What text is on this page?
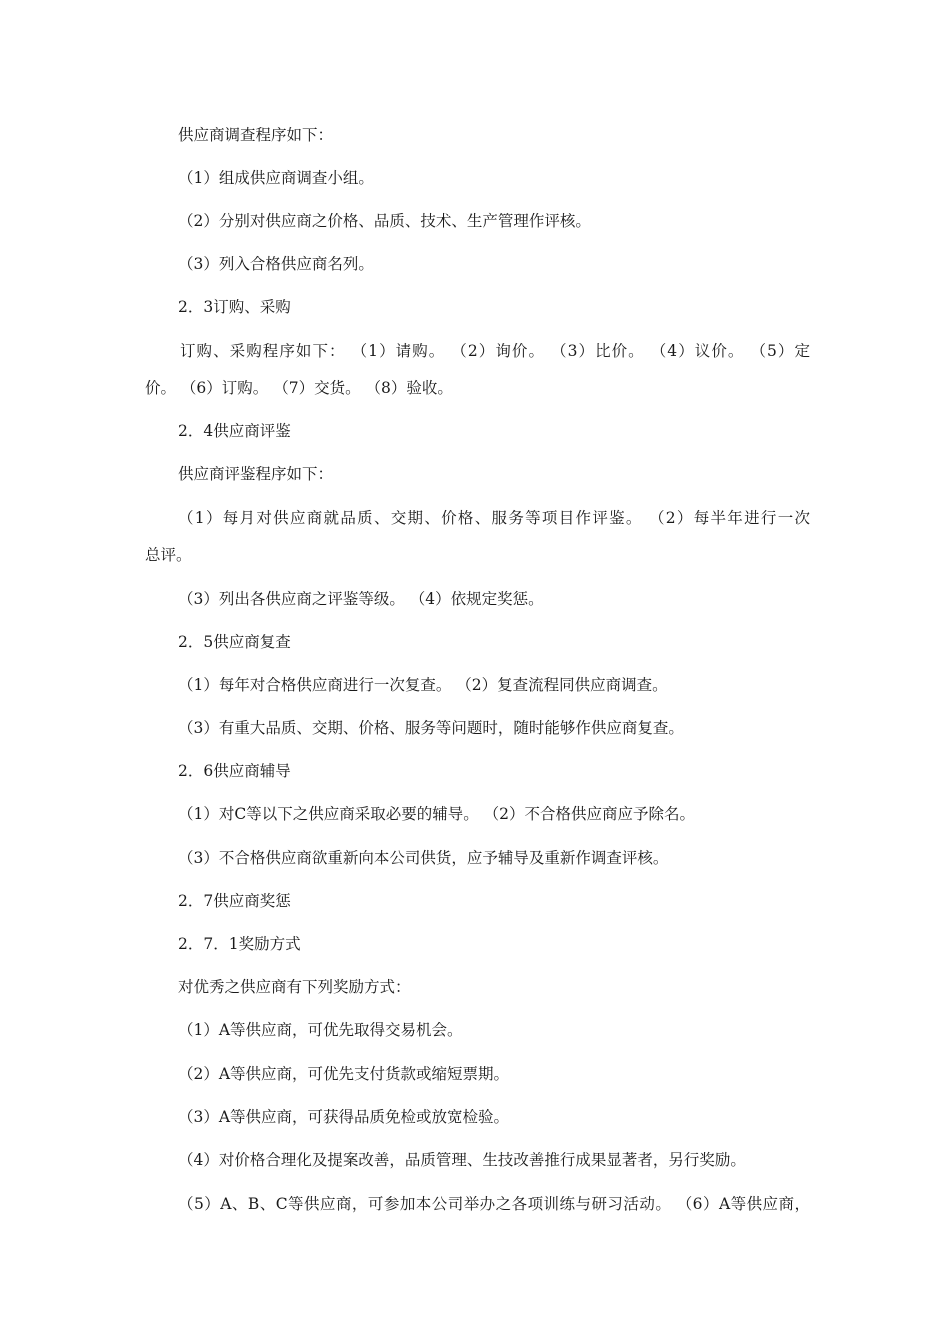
供应商调查程序如下：
（1）组成供应商调查小组。
（2）分别对供应商之价格、品质、技术、生产管理作评核。
（3）列入合格供应商名列。
2．3订购、采购
订购、采购程序如下： （1）请购。 （2）询价。 （3）比价。 （4）议价。 （5）定
价。 （6）订购。 （7）交货。 （8）验收。
2．4供应商评鉴
供应商评鉴程序如下：
（1）每月对供应商就品质、交期、价格、服务等项目作评鉴。 （2）每半年进行一次
总评。
（3）列出各供应商之评鉴等级。 （4）依规定奖惩。
2．5供应商复查
（1）每年对合格供应商进行一次复查。 （2）复查流程同供应商调查。
（3）有重大品质、交期、价格、服务等问题时，随时能够作供应商复查。
2．6供应商辅导
（1）对C等以下之供应商采取必要的辅导。 （2）不合格供应商应予除名。
（3）不合格供应商欲重新向本公司供货，应予辅导及重新作调查评核。
2．7供应商奖惩
2．7．1奖励方式
对优秀之供应商有下列奖励方式：
（1）A等供应商，可优先取得交易机会。
（2）A等供应商，可优先支付货款或缩短票期。
（3）A等供应商，可获得品质免检或放宽检验。
（4）对价格合理化及提案改善，品质管理、生技改善推行成果显著者，另行奖励。
（5）A、B、C等供应商，可参加本公司举办之各项训练与研习活动。 （6）A等供应商，
